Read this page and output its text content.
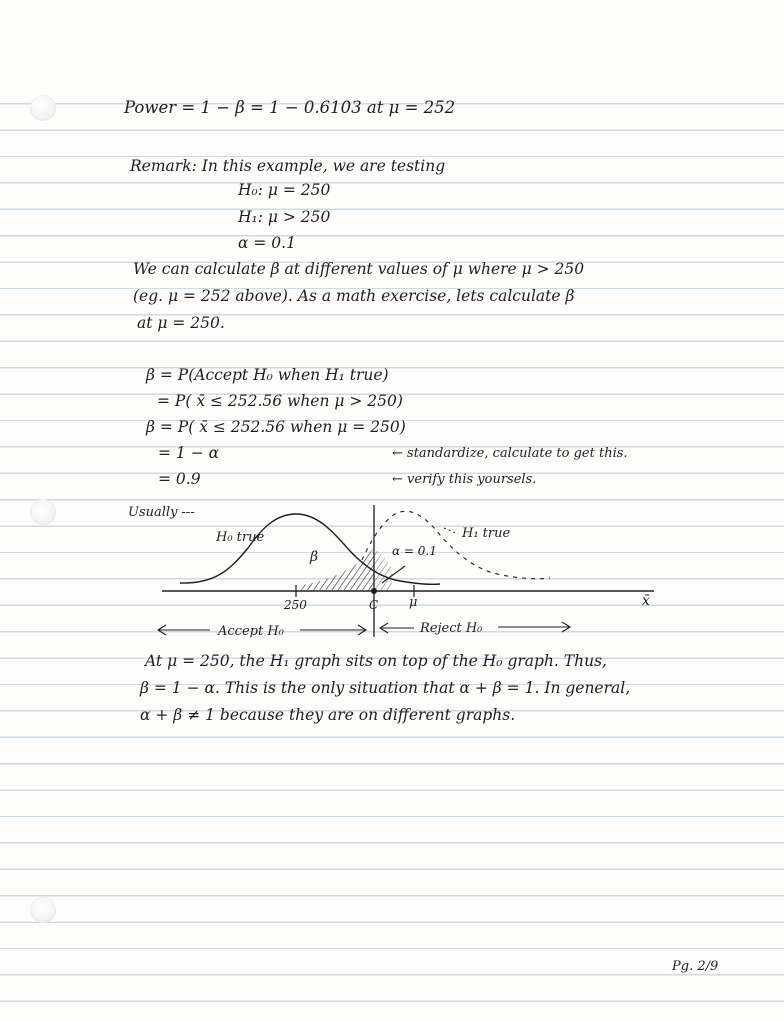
Power = 1 − β = 1 − 0.6103 at μ = 252

Remark: In this example, we are testing

H₀: μ = 250

H₁: μ > 250

α = 0.1

We can calculate β at different values of μ where μ > 250

(eg. μ = 252 above). As a math exercise, lets calculate β

at μ = 250.

β = P(Accept H₀ when H₁ true)

= P( x̄ ≤ 252.56 when μ > 250)

β = P( x̄ ≤ 252.56 when μ = 250)

= 1 − α

= 0.9

← standardize, calculate to get this.

← verify this yoursels.

Usually ---

H₀ true	H₁ true
β	α = 0.1
250	C μ	x̄
Accept H₀	Reject H₀

At μ = 250, the H₁ graph sits on top of the H₀ graph. Thus,

β = 1 − α. This is the only situation that α + β = 1. In general,

α + β ≠ 1 because they are on different graphs.

Pg. 2/9
